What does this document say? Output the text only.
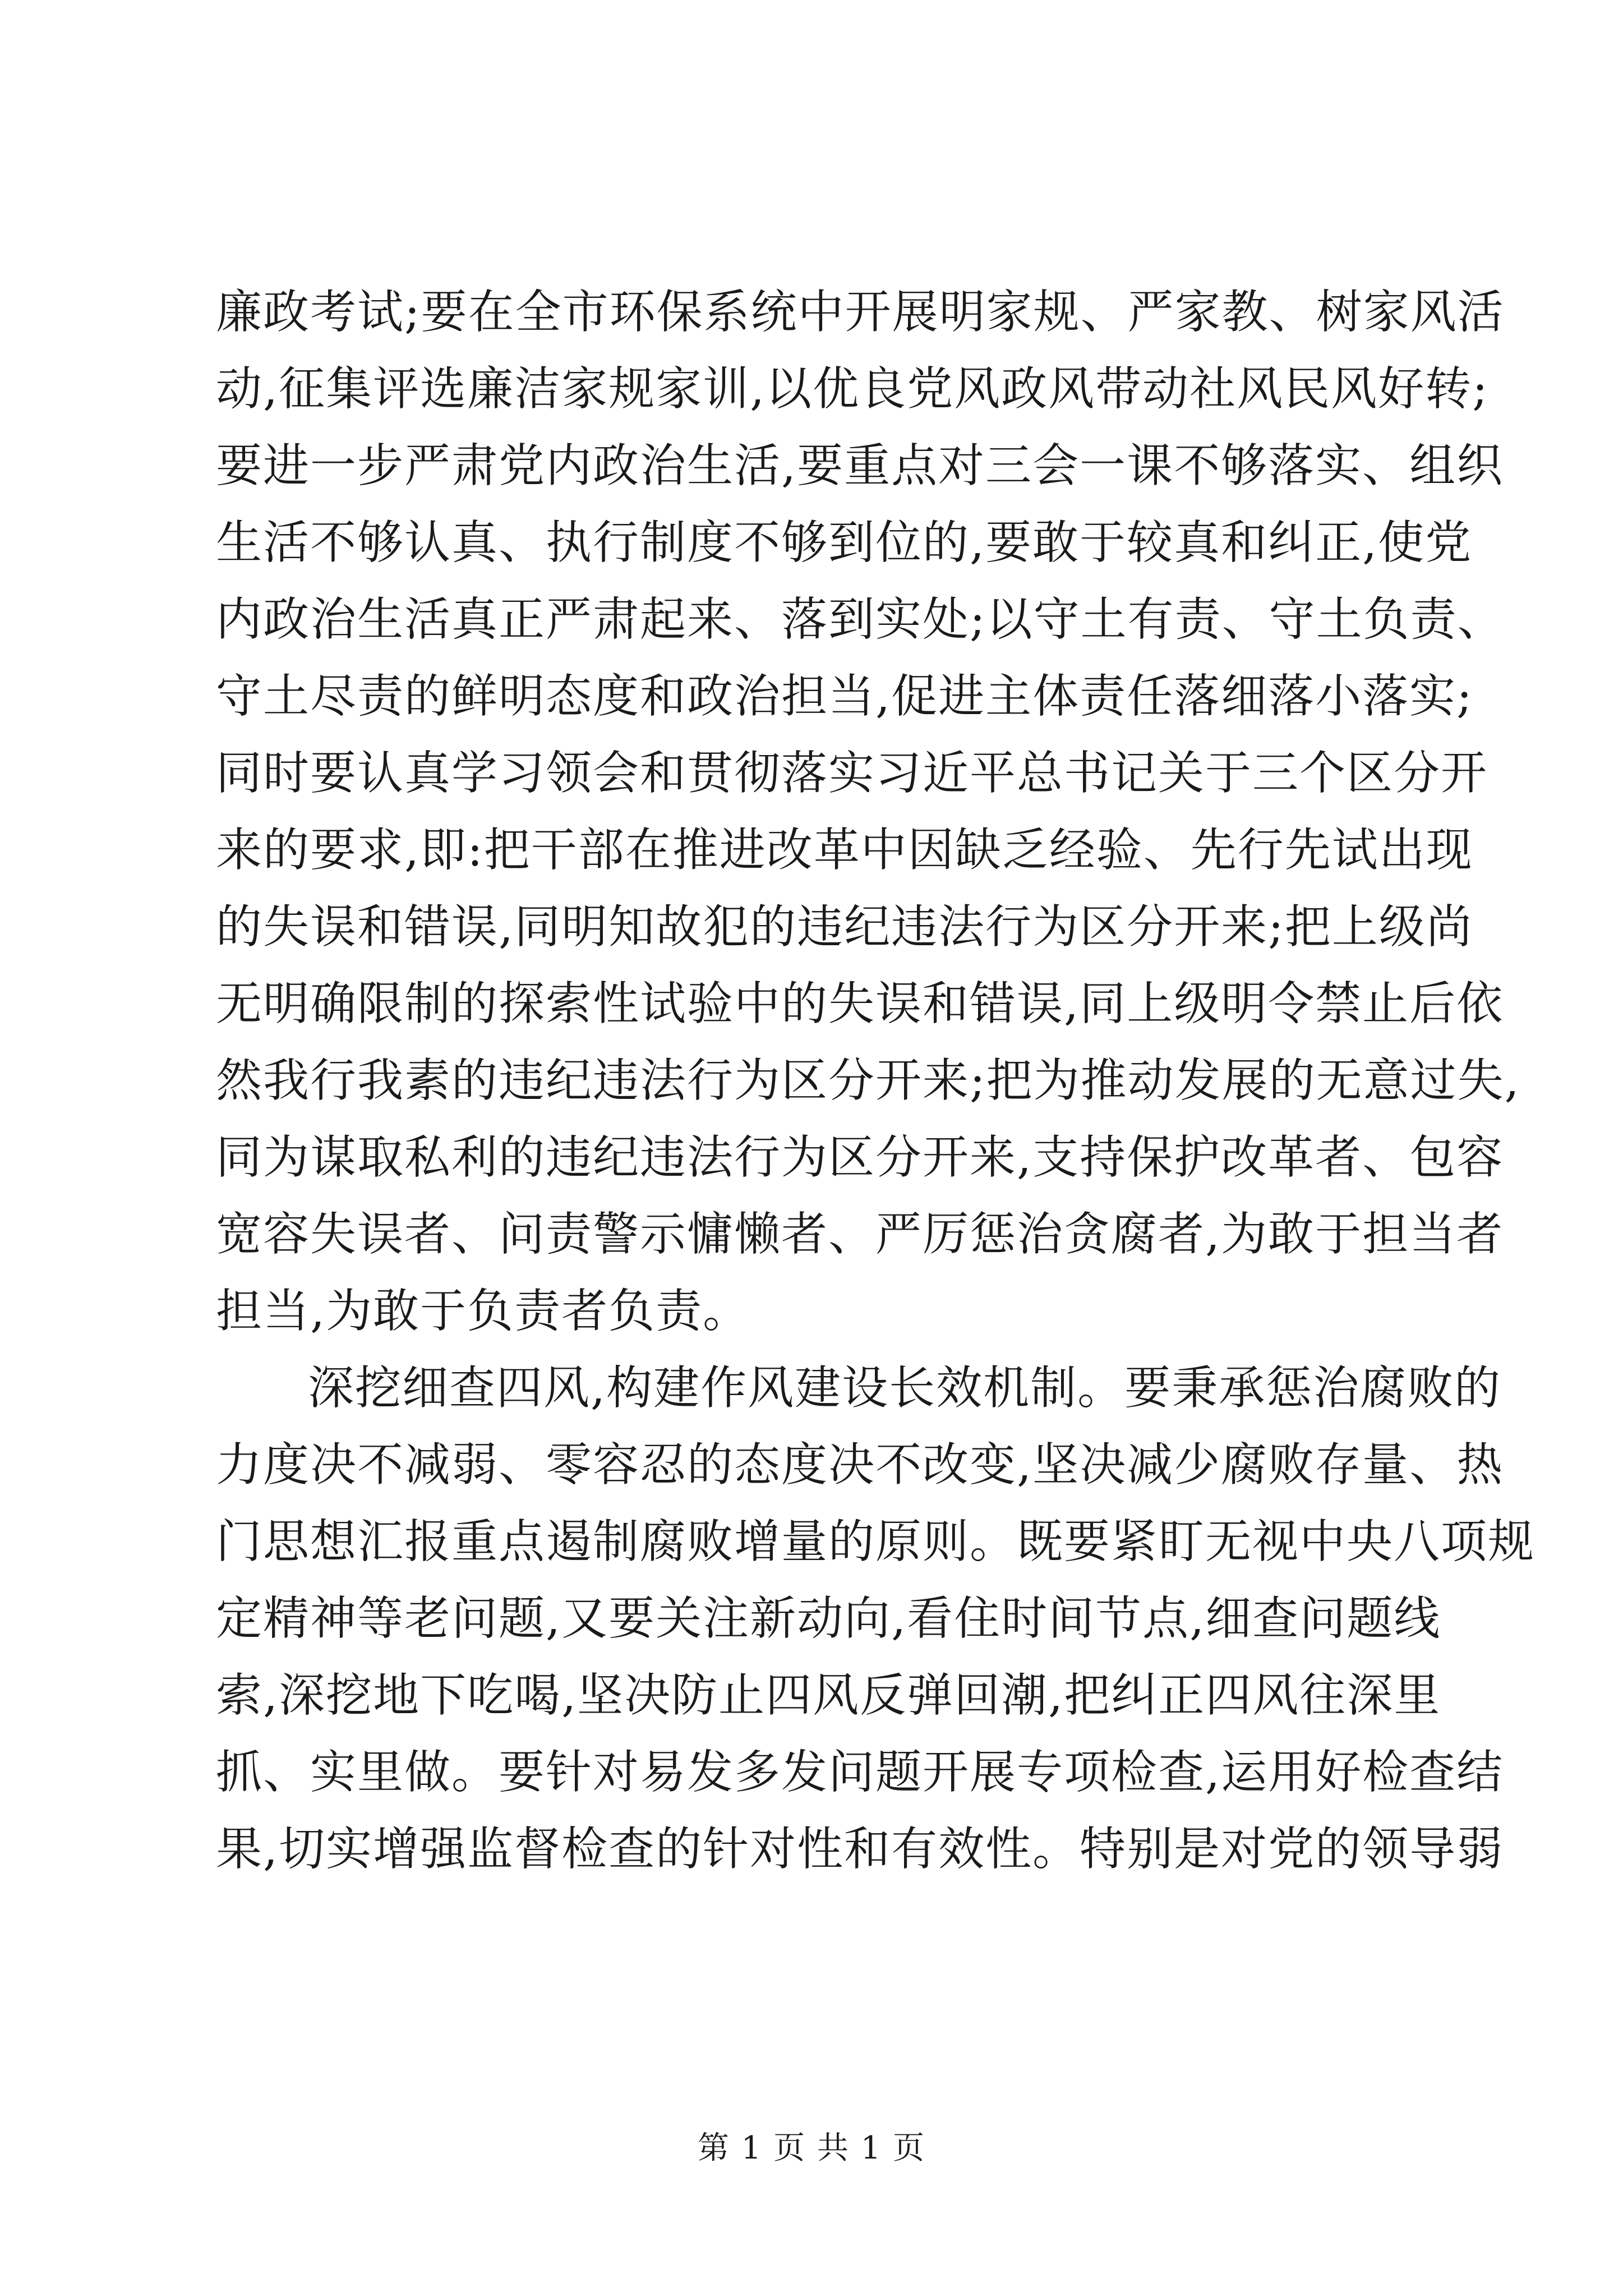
廉政考试;要在全市环保系统中开展明家规、严家教、树家风活
动,征集评选廉洁家规家训,以优良党风政风带动社风民风好转;
要进一步严肃党内政治生活,要重点对三会一课不够落实、组织
生活不够认真、执行制度不够到位的,要敢于较真和纠正,使党
内政治生活真正严肃起来、落到实处;以守土有责、守土负责、
守土尽责的鲜明态度和政治担当,促进主体责任落细落小落实;
同时要认真学习领会和贯彻落实习近平总书记关于三个区分开
来的要求,即:把干部在推进改革中因缺乏经验、先行先试出现
的失误和错误,同明知故犯的违纪违法行为区分开来;把上级尚
无明确限制的探索性试验中的失误和错误,同上级明令禁止后依
然我行我素的违纪违法行为区分开来;把为推动发展的无意过失,
同为谋取私利的违纪违法行为区分开来,支持保护改革者、包容
宽容失误者、问责警示慵懒者、严厉惩治贪腐者,为敢于担当者
担当,为敢于负责者负责。
深挖细查四风,构建作风建设长效机制。要秉承惩治腐败的
力度决不减弱、零容忍的态度决不改变,坚决减少腐败存量、热
门思想汇报重点遏制腐败增量的原则。既要紧盯无视中央八项规
定精神等老问题,又要关注新动向,看住时间节点,细查问题线
索,深挖地下吃喝,坚决防止四风反弹回潮,把纠正四风往深里
抓、实里做。要针对易发多发问题开展专项检查,运用好检查结
果,切实增强监督检查的针对性和有效性。特别是对党的领导弱
第 1 页 共 1 页
